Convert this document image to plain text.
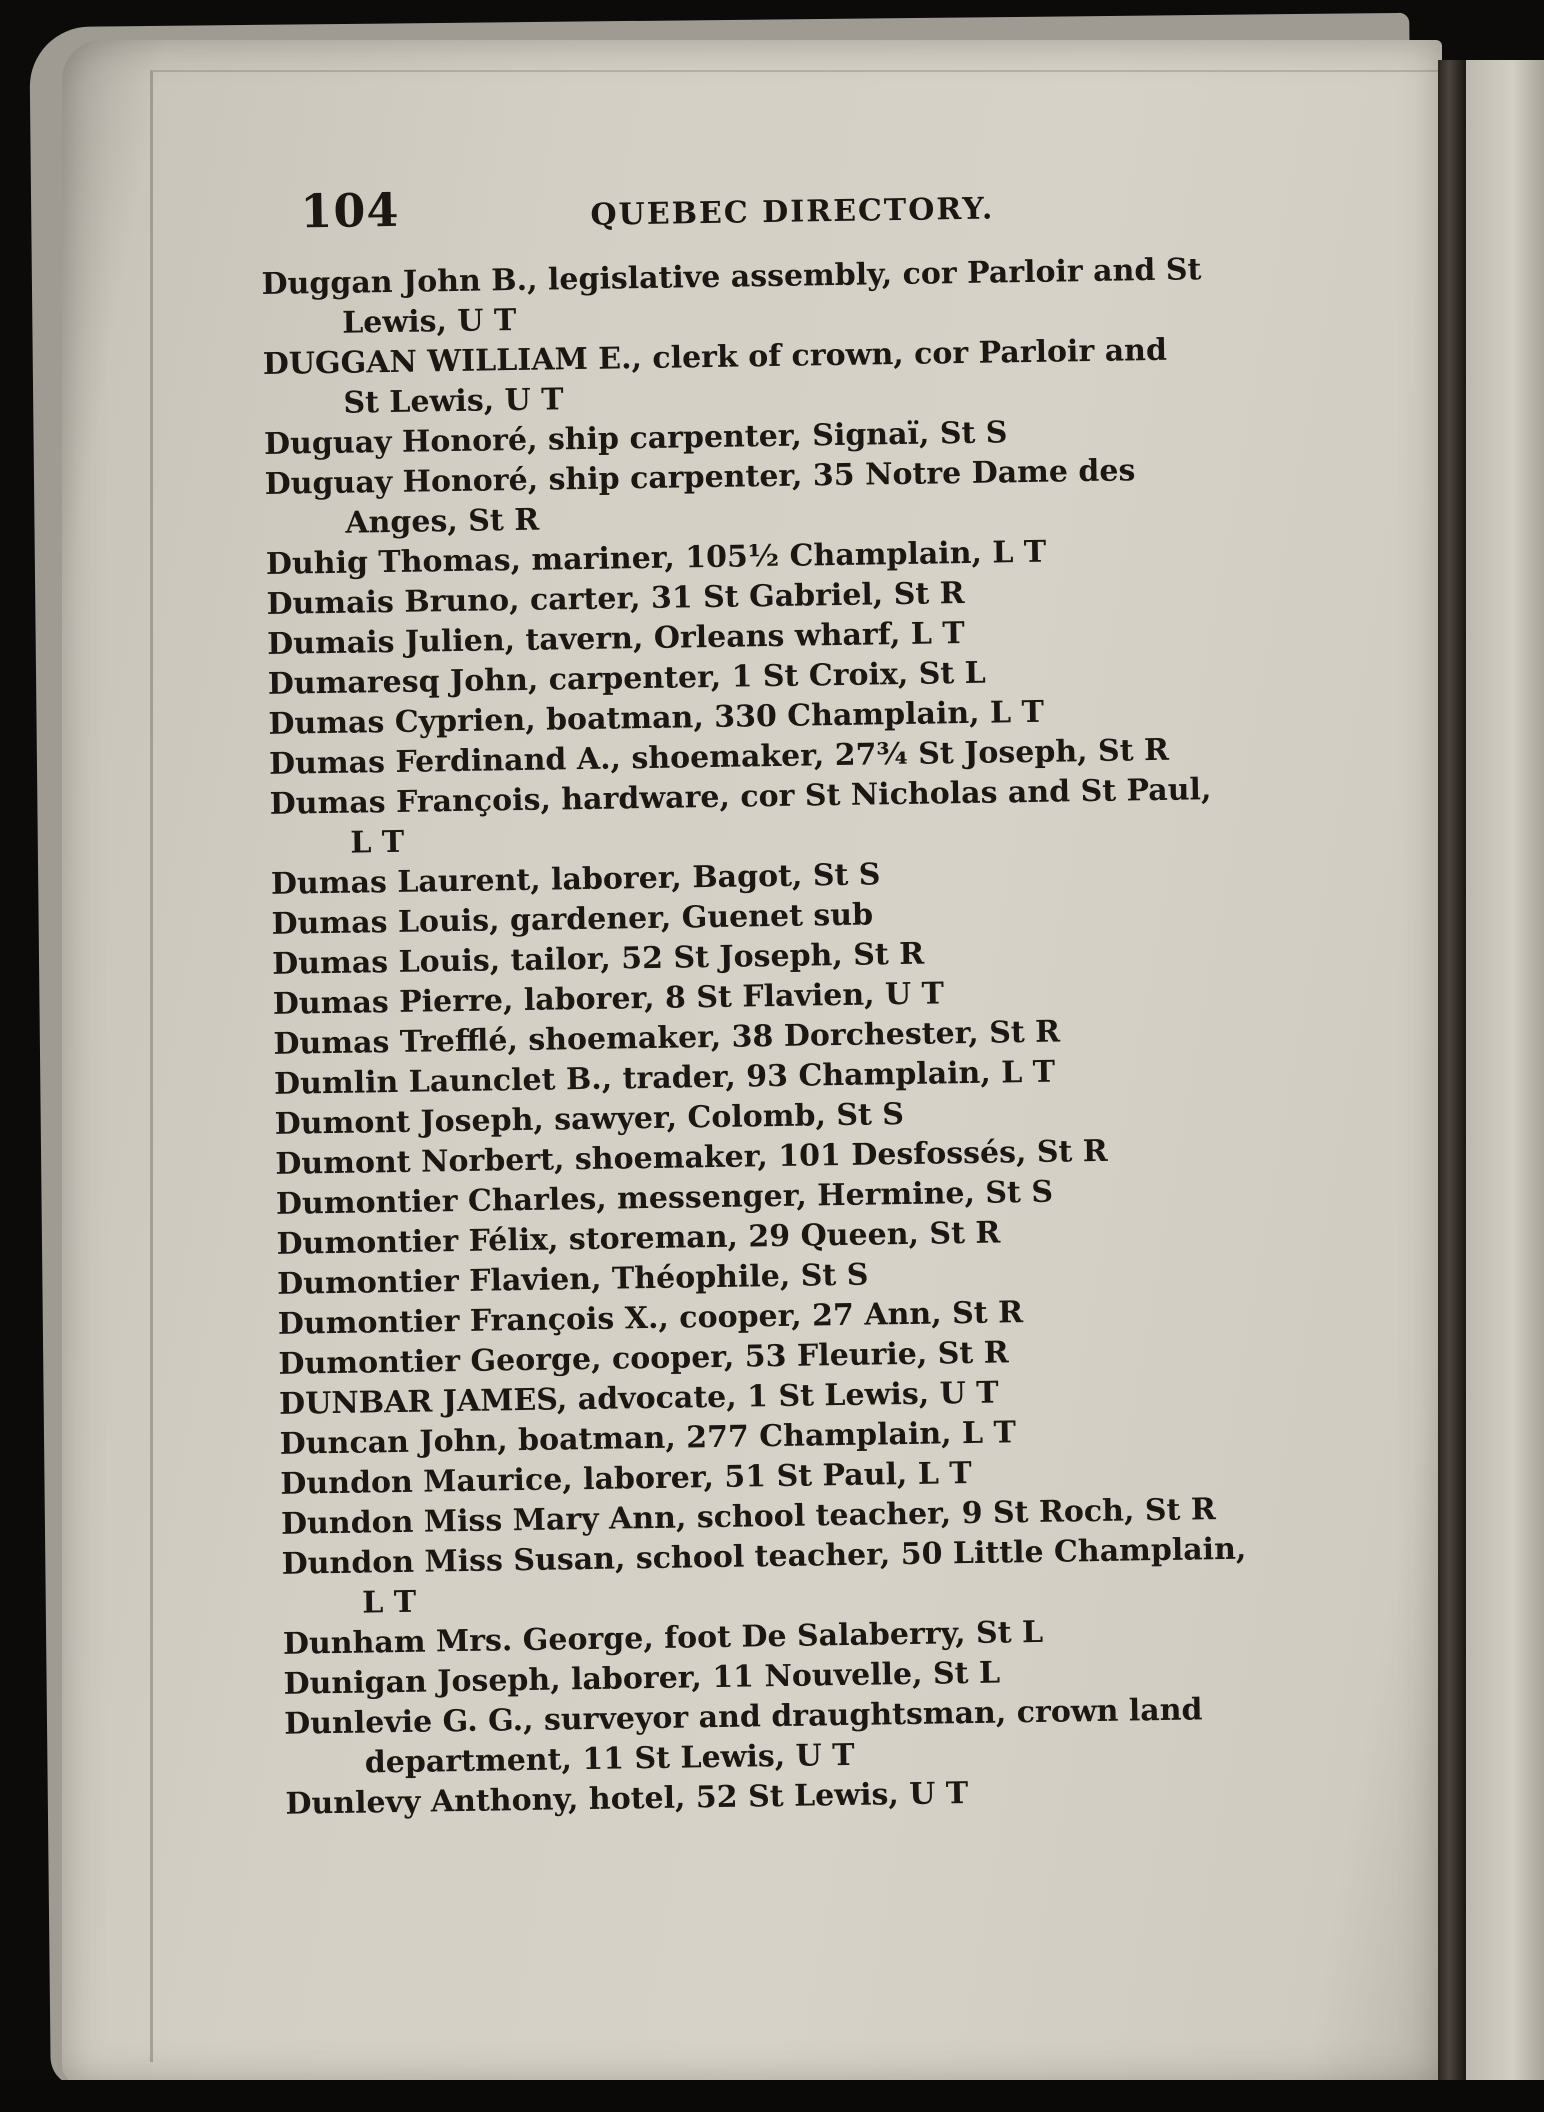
104	QUEBEC DIRECTORY.
Duggan John B., legislative assembly, cor Parloir and St
Lewis, U T
DUGGAN WILLIAM E., clerk of crown, cor Parloir and
St Lewis, U T
Duguay Honoré, ship carpenter, Signaï, St S
Duguay Honoré, ship carpenter, 35 Notre Dame des
Anges, St R
Duhig Thomas, mariner, 105½ Champlain, L T
Dumais Bruno, carter, 31 St Gabriel, St R
Dumais Julien, tavern, Orleans wharf, L T
Dumaresq John, carpenter, 1 St Croix, St L
Dumas Cyprien, boatman, 330 Champlain, L T
Dumas Ferdinand A., shoemaker, 27¾ St Joseph, St R
Dumas François, hardware, cor St Nicholas and St Paul,
L T
Dumas Laurent, laborer, Bagot, St S
Dumas Louis, gardener, Guenet sub
Dumas Louis, tailor, 52 St Joseph, St R
Dumas Pierre, laborer, 8 St Flavien, U T
Dumas Trefflé, shoemaker, 38 Dorchester, St R
Dumlin Launclet B., trader, 93 Champlain, L T
Dumont Joseph, sawyer, Colomb, St S
Dumont Norbert, shoemaker, 101 Desfossés, St R
Dumontier Charles, messenger, Hermine, St S
Dumontier Félix, storeman, 29 Queen, St R
Dumontier Flavien, Théophile, St S
Dumontier François X., cooper, 27 Ann, St R
Dumontier George, cooper, 53 Fleurie, St R
DUNBAR JAMES, advocate, 1 St Lewis, U T
Duncan John, boatman, 277 Champlain, L T
Dundon Maurice, laborer, 51 St Paul, L T
Dundon Miss Mary Ann, school teacher, 9 St Roch, St R
Dundon Miss Susan, school teacher, 50 Little Champlain,
L T
Dunham Mrs. George, foot De Salaberry, St L
Dunigan Joseph, laborer, 11 Nouvelle, St L
Dunlevie G. G., surveyor and draughtsman, crown land
department, 11 St Lewis, U T
Dunlevy Anthony, hotel, 52 St Lewis, U T
